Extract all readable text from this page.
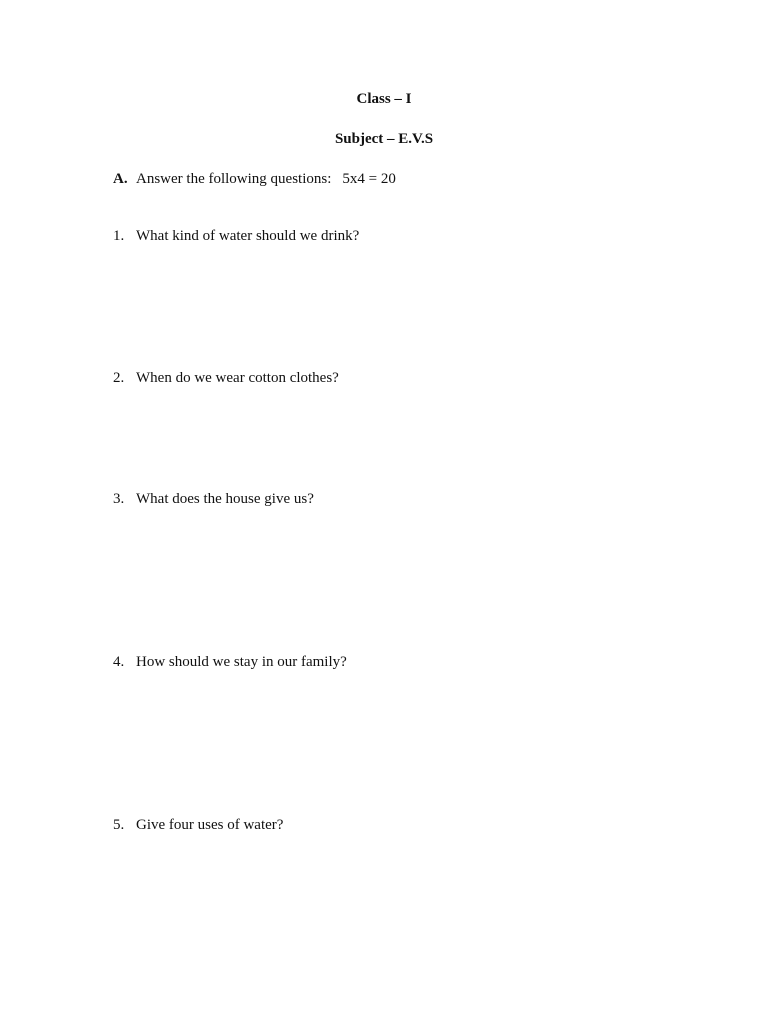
Class – I
Subject – E.V.S
A. Answer the following questions: 5x4 = 20
1. What kind of water should we drink?
2. When do we wear cotton clothes?
3. What does the house give us?
4. How should we stay in our family?
5. Give four uses of water?
